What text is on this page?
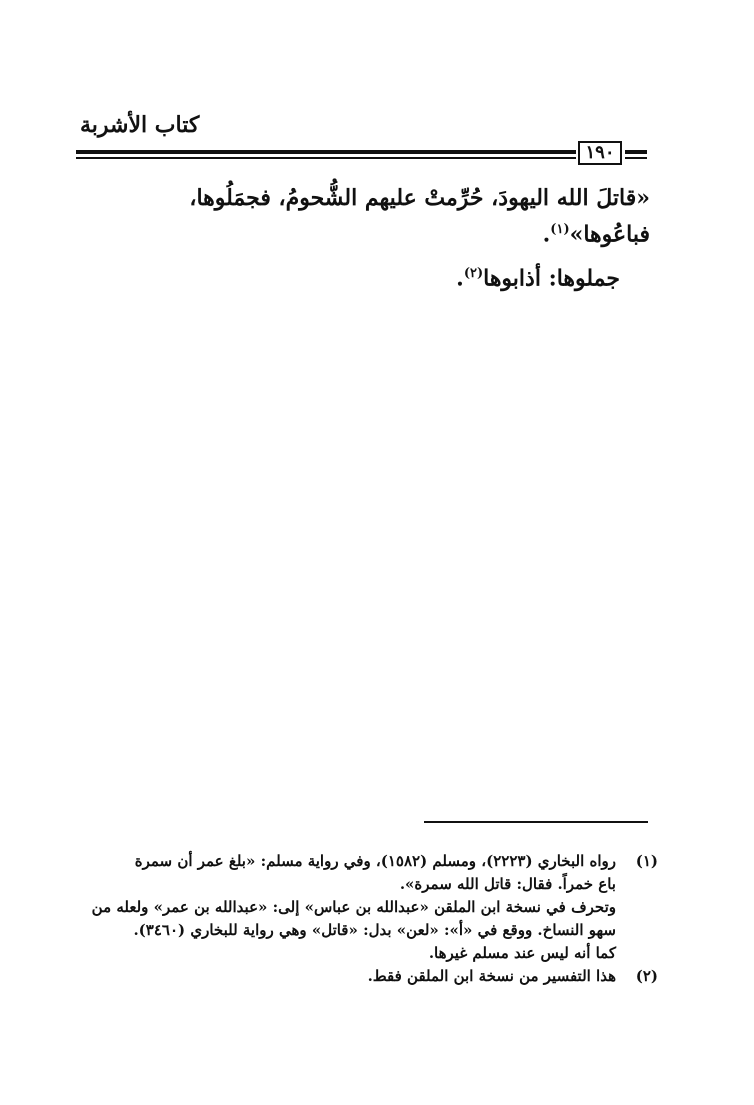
كتاب الأشربة
١٩٠
«قاتلَ الله اليهودَ، حُرِّمتْ عليهم الشُّحومُ، فجمَلُوها،
فباعُوها»$^{(١)}$.
جملوها: أذابوها$^{(٢)}$.
(١)
رواه البخاري (٢٢٢٣)، ومسلم (١٥٨٢)، وفي رواية مسلم: «بلغ عمر أن سمرة
باع خمراً. فقال: قاتل الله سمرة».
وتحرف في نسخة ابن الملقن «عبدالله بن عباس» إلى: «عبدالله بن عمر» ولعله من
سهو النساخ. ووقع في «أ»: «لعن» بدل: «قاتل» وهي رواية للبخاري (٣٤٦٠).
كما أنه ليس عند مسلم غيرها.
(٢)
هذا التفسير من نسخة ابن الملقن فقط.
